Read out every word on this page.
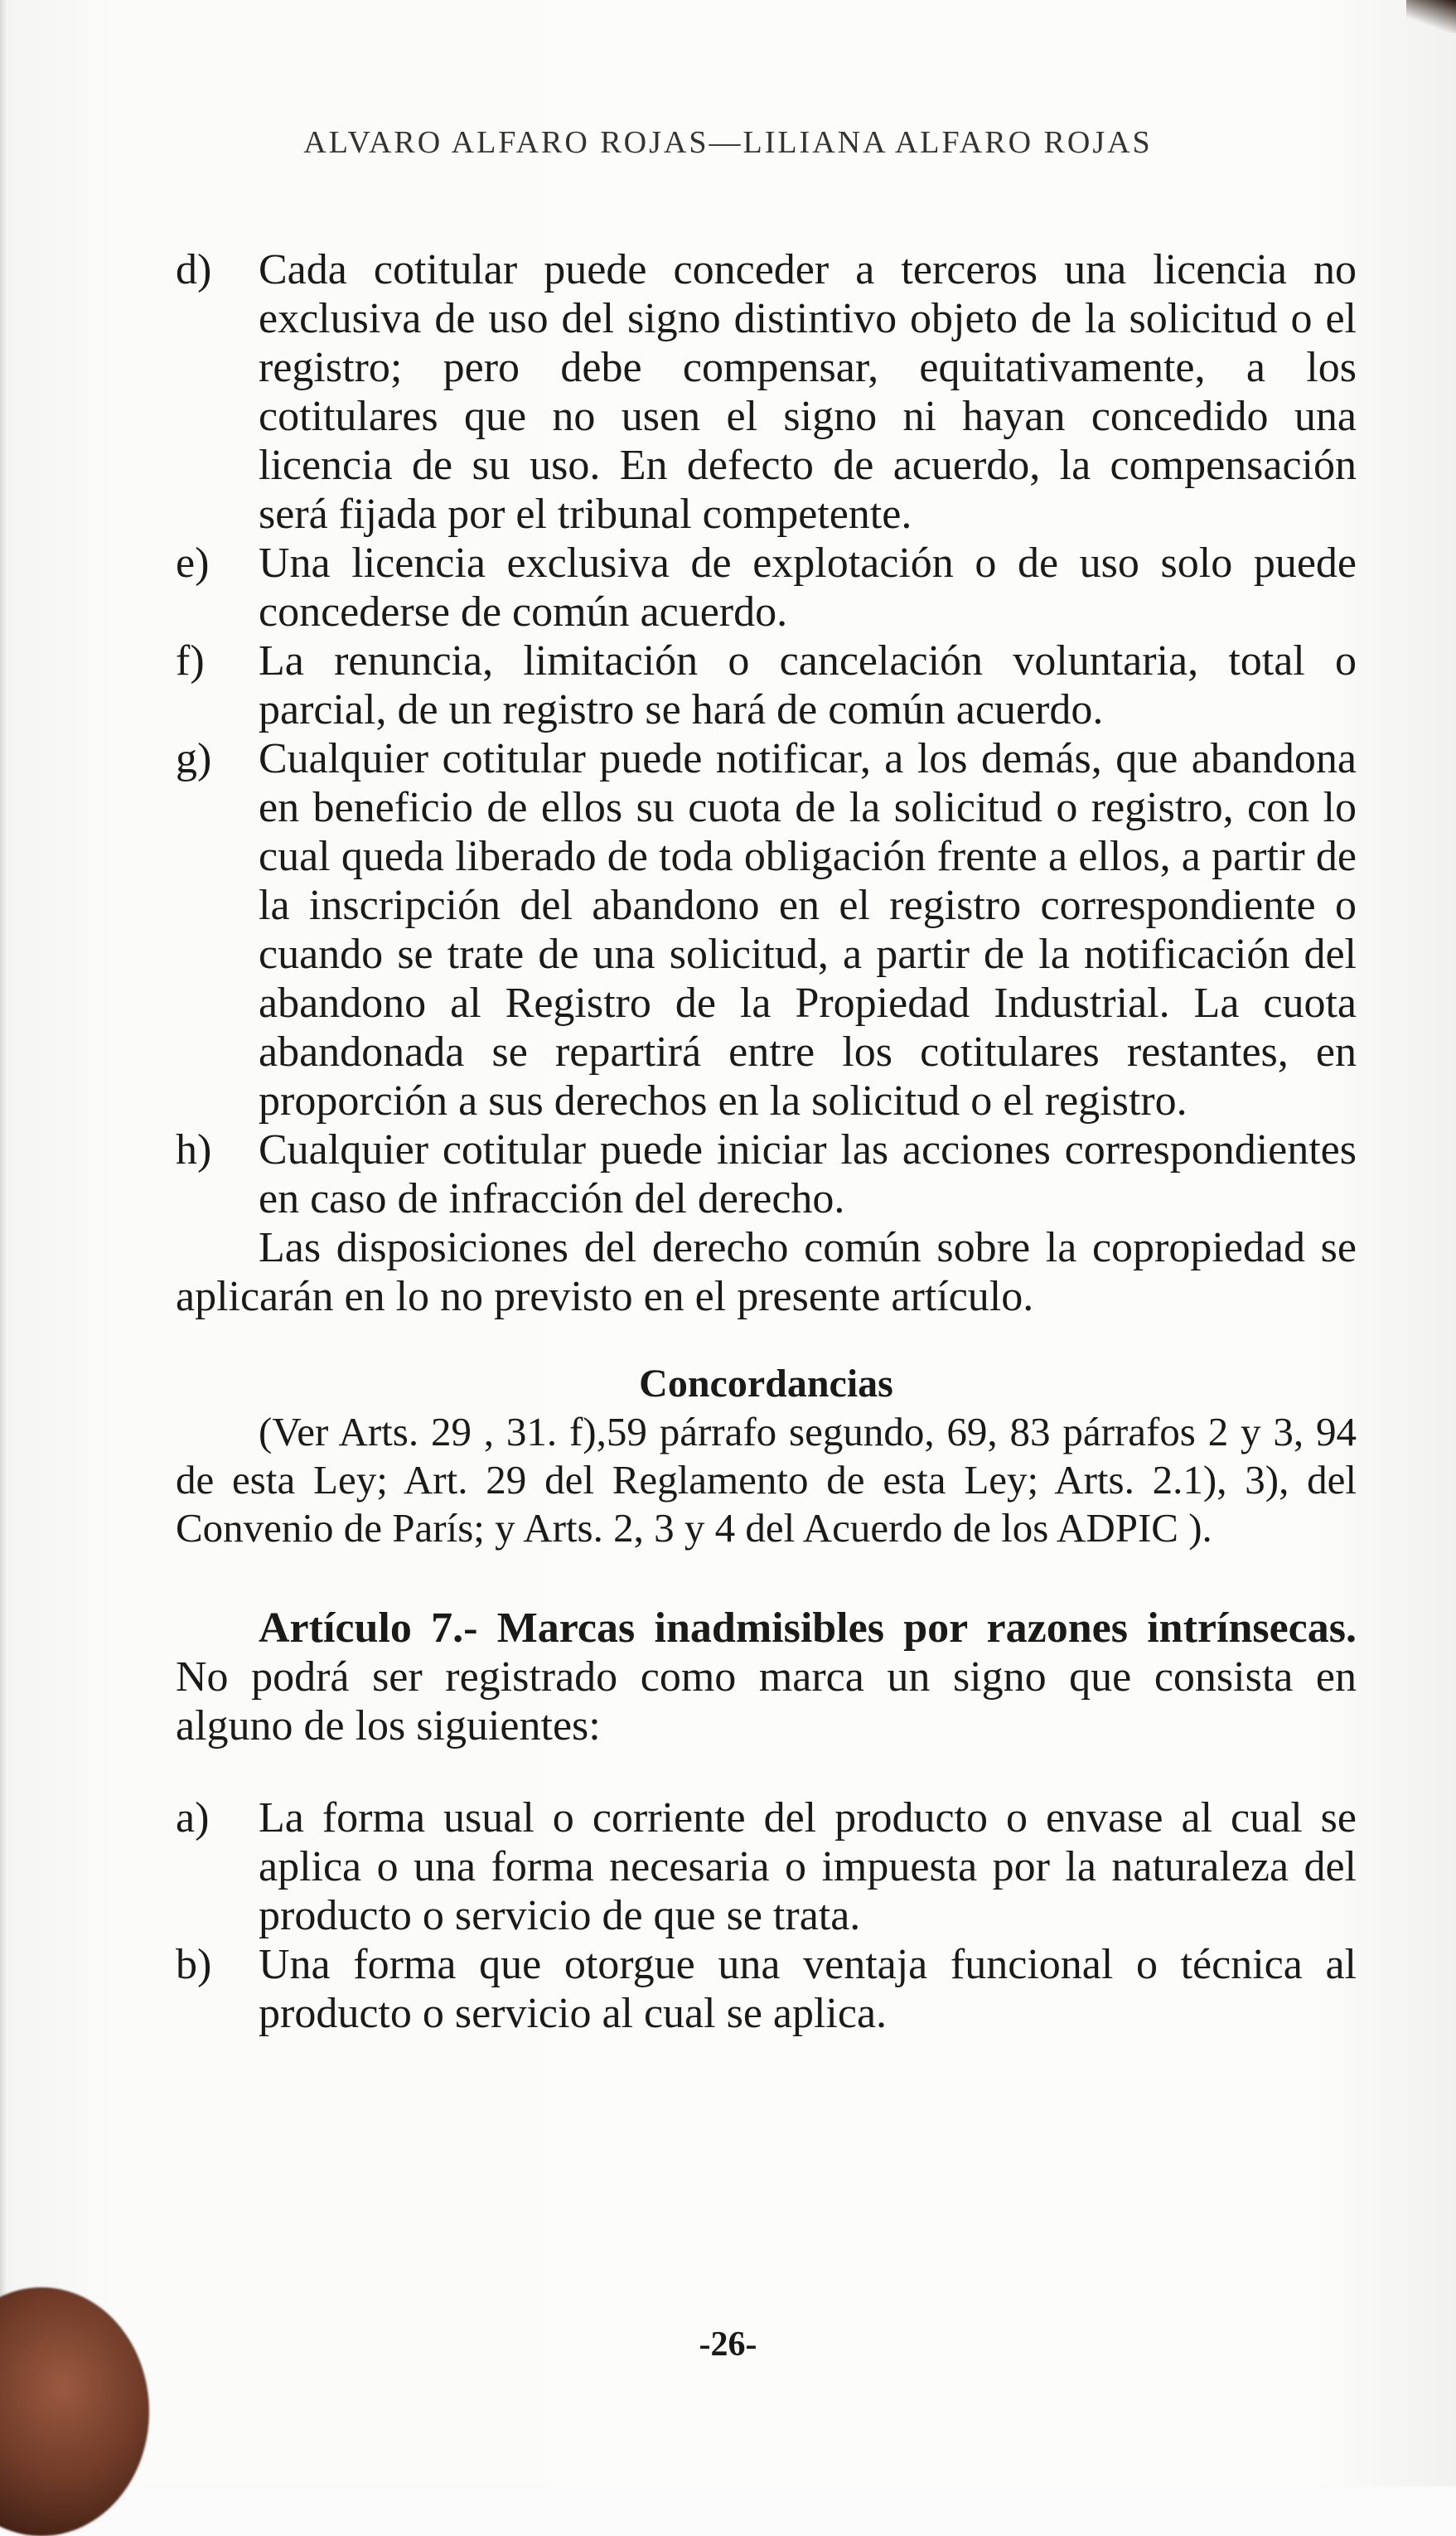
ALVARO ALFARO ROJAS—LILIANA ALFARO ROJAS
d)	Cada cotitular puede conceder a terceros una licencia no exclusiva de uso del signo distintivo objeto de la solicitud o el registro; pero debe compensar, equitativamente, a los cotitulares que no usen el signo ni hayan concedido una licencia de su uso. En defecto de acuerdo, la compensación será fijada por el tribunal competente.
e)	Una licencia exclusiva de explotación o de uso solo puede concederse de común acuerdo.
f)	La renuncia, limitación o cancelación voluntaria, total o parcial, de un registro se hará de común acuerdo.
g)	Cualquier cotitular puede notificar, a los demás, que abandona en beneficio de ellos su cuota de la solicitud o registro, con lo cual queda liberado de toda obligación frente a ellos, a partir de la inscripción del abandono en el registro correspondiente o cuando se trate de una solicitud, a partir de la notificación del abandono al Registro de la Propiedad Industrial. La cuota abandonada se repartirá entre los cotitulares restantes, en proporción a sus derechos en la solicitud o el registro.
h)	Cualquier cotitular puede iniciar las acciones correspondientes en caso de infracción del derecho.

Las disposiciones del derecho común sobre la copropiedad se aplicarán en lo no previsto en el presente artículo.

Concordancias

(Ver Arts. 29 , 31. f),59 párrafo segundo, 69, 83 párrafos 2 y 3, 94 de esta Ley; Art. 29 del Reglamento de esta Ley; Arts. 2.1), 3), del Convenio de París; y Arts. 2, 3 y 4 del Acuerdo de los ADPIC ).

Artículo 7.- Marcas inadmisibles por razones intrínsecas. No podrá ser registrado como marca un signo que consista en alguno de los siguientes:

a)	La forma usual o corriente del producto o envase al cual se aplica o una forma necesaria o impuesta por la naturaleza del producto o servicio de que se trata.
b)	Una forma que otorgue una ventaja funcional o técnica al producto o servicio al cual se aplica.
-26-
